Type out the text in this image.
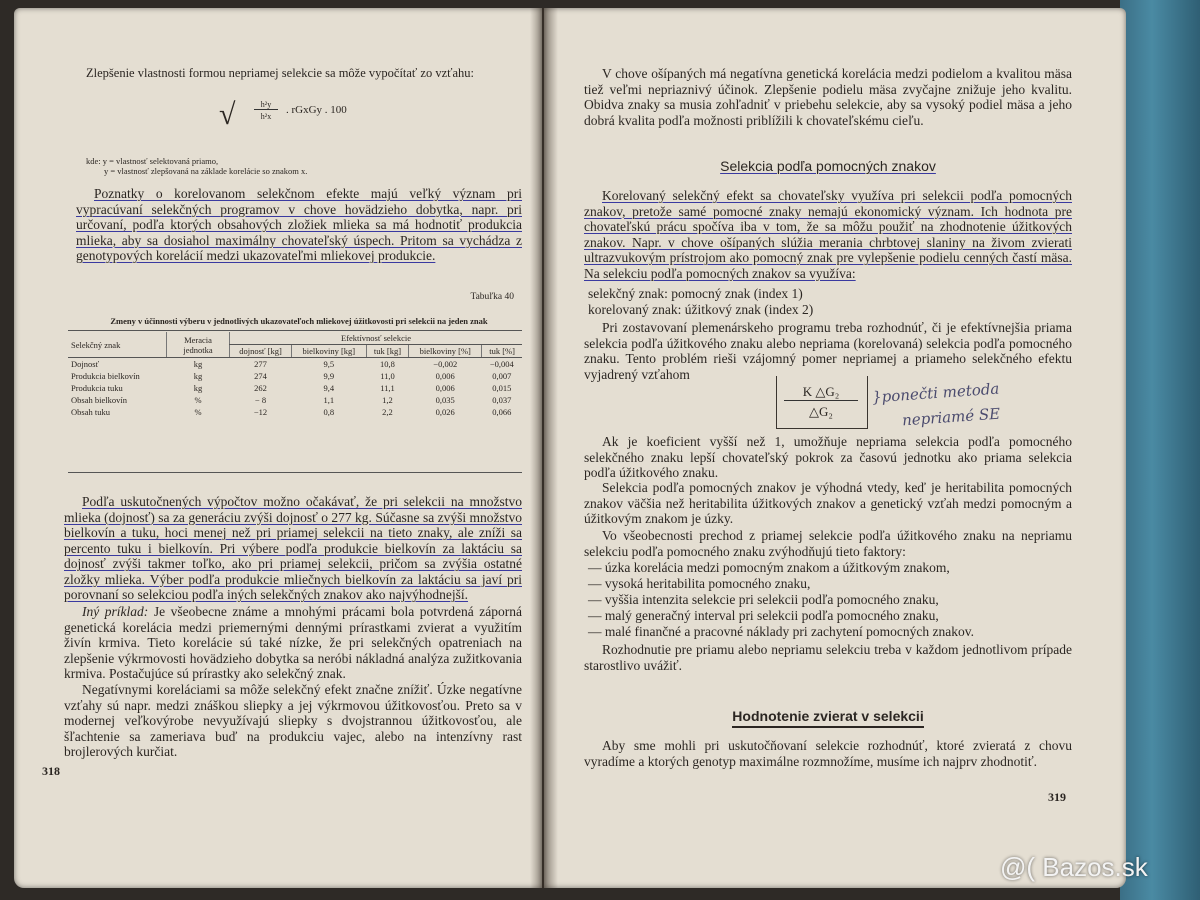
Zlepšenie vlastnosti formou nepriamej selekcie sa môže vypočítať zo vzťahu:
√	h²y
h²x
. rGxGy . 100
kde: y = vlastnosť selektovaná priamo,
y = vlastnosť zlepšovaná na základe korelácie so znakom x.

Poznatky o korelovanom selekčnom efekte majú veľký význam pri vypracúvaní selekčných programov v chove hovädzieho dobytka, napr. pri určovaní, podľa ktorých obsahových zložiek mlieka sa má hodnotiť produkcia mlieka, aby sa dosiahol maximálny chovateľský úspech. Pritom sa vychádza z genotypových korelácií medzi ukazovateľmi mliekovej produkcie.

Tabuľka 40
Zmeny v účinnosti výberu v jednotlivých ukazovateľoch mliekovej úžitkovosti pri selekcii na jeden znak
Selekčný znak	Meracia jednotka	Efektívnosť selekcie				
		dojnosť [kg]	bielkoviny [kg]	tuk [kg]	bielkoviny [%]	tuk [%]
Dojnosť	kg	277	9,5	10,8	−0,002	−0,004
Produkcia bielkovín	kg	274	9,9	11,0	0,006	0,007
Produkcia tuku	kg	262	9,4	11,1	0,006	0,015
Obsah bielkovín	%	− 8	1,1	1,2	0,035	0,037
Obsah tuku	%	−12	0,8	2,2	0,026	0,066

Podľa uskutočnených výpočtov možno očakávať, že pri selekcii na množstvo mlieka (dojnosť) sa za generáciu zvýši dojnosť o 277 kg. Súčasne sa zvýši množstvo bielkovín a tuku, hoci menej než pri priamej selekcii na tieto znaky, ale zníži sa percento tuku i bielkovín. Pri výbere podľa produkcie bielkovín za laktáciu sa dojnosť zvýši takmer toľko, ako pri priamej selekcii, pričom sa zvýšia ostatné zložky mlieka. Výber podľa produkcie mliečnych bielkovín za laktáciu sa javí pri porovnaní so selekciou podľa iných selekčných znakov ako najvýhodnejší.

Iný príklad: Je všeobecne známe a mnohými prácami bola potvrdená záporná genetická korelácia medzi priemernými dennými prírastkami zvierat a využitím živín krmiva. Tieto korelácie sú také nízke, že pri selekčných opatreniach na zlepšenie výkrmovosti hovädzieho dobytka sa neróbi nákladná analýza zužitkovania krmiva. Postačujúce sú prírastky ako selekčný znak.

Negatívnymi koreláciami sa môže selekčný efekt značne znížiť. Úzke negatívne vzťahy sú napr. medzi znáškou sliepky a jej výkrmovou úžitkovosťou. Preto sa v modernej veľkovýrobe nevyužívajú sliepky s dvojstrannou úžitkovosťou, ale šľachtenie sa zameriava buď na produkciu vajec, alebo na intenzívny rast brojlerových kurčiat.

318

V chove ošípaných má negatívna genetická korelácia medzi podielom a kvalitou mäsa tiež veľmi nepriaznivý účinok. Zlepšenie podielu mäsa zvyčajne znižuje jeho kvalitu. Obidva znaky sa musia zohľadniť v priebehu selekcie, aby sa vysoký podiel mäsa a jeho dobrá kvalita podľa možnosti priblížili k chovateľskému cieľu.

Selekcia podľa pomocných znakov

Korelovaný selekčný efekt sa chovateľsky využíva pri selekcii podľa pomocných znakov, pretože samé pomocné znaky nemajú ekonomický význam. Ich hodnota pre chovateľskú prácu spočíva iba v tom, že sa môžu použiť na zhodnotenie úžitkových znakov. Napr. v chove ošípaných slúžia merania chrbtovej slaniny na živom zvierati ultrazvukovým prístrojom ako pomocný znak pre vylepšenie podielu cenných častí mäsa. Na selekciu podľa pomocných znakov sa využíva:

selekčný znak: pomocný znak (index 1)
korelovaný znak: úžitkový znak (index 2)

Pri zostavovaní plemenárskeho programu treba rozhodnúť, či je efektívnejšia priama selekcia podľa úžitkového znaku alebo nepriama (korelovaná) selekcia podľa pomocného znaku. Tento problém rieši vzájomný pomer nepriamej a priameho selekčného efektu vyjadrený vzťahom

K △G₂
△G₂
}ponečti metoda
nepriamé SE

Ak je koeficient vyšší než 1, umožňuje nepriama selekcia podľa pomocného selekčného znaku lepší chovateľský pokrok za časovú jednotku ako priama selekcia podľa úžitkového znaku.

Selekcia podľa pomocných znakov je výhodná vtedy, keď je heritabilita pomocných znakov väčšia než heritabilita úžitkových znakov a genetický vzťah medzi pomocným a úžitkovým znakom je úzky.

Vo všeobecnosti prechod z priamej selekcie podľa úžitkového znaku na nepriamu selekciu podľa pomocného znaku zvýhodňujú tieto faktory:

— úzka korelácia medzi pomocným znakom a úžitkovým znakom,
— vysoká heritabilita pomocného znaku,
— vyššia intenzita selekcie pri selekcii podľa pomocného znaku,
— malý generačný interval pri selekcii podľa pomocného znaku,
— malé finančné a pracovné náklady pri zachytení pomocných znakov.

Rozhodnutie pre priamu alebo nepriamu selekciu treba v každom jednotlivom prípade starostlivo uvážiť.

Hodnotenie zvierat v selekcii

Aby sme mohli pri uskutočňovaní selekcie rozhodnúť, ktoré zvieratá z chovu vyradíme a ktorých genotyp maximálne rozmnožíme, musíme ich najprv zhodnotiť.

319
@( Bazos.sk
